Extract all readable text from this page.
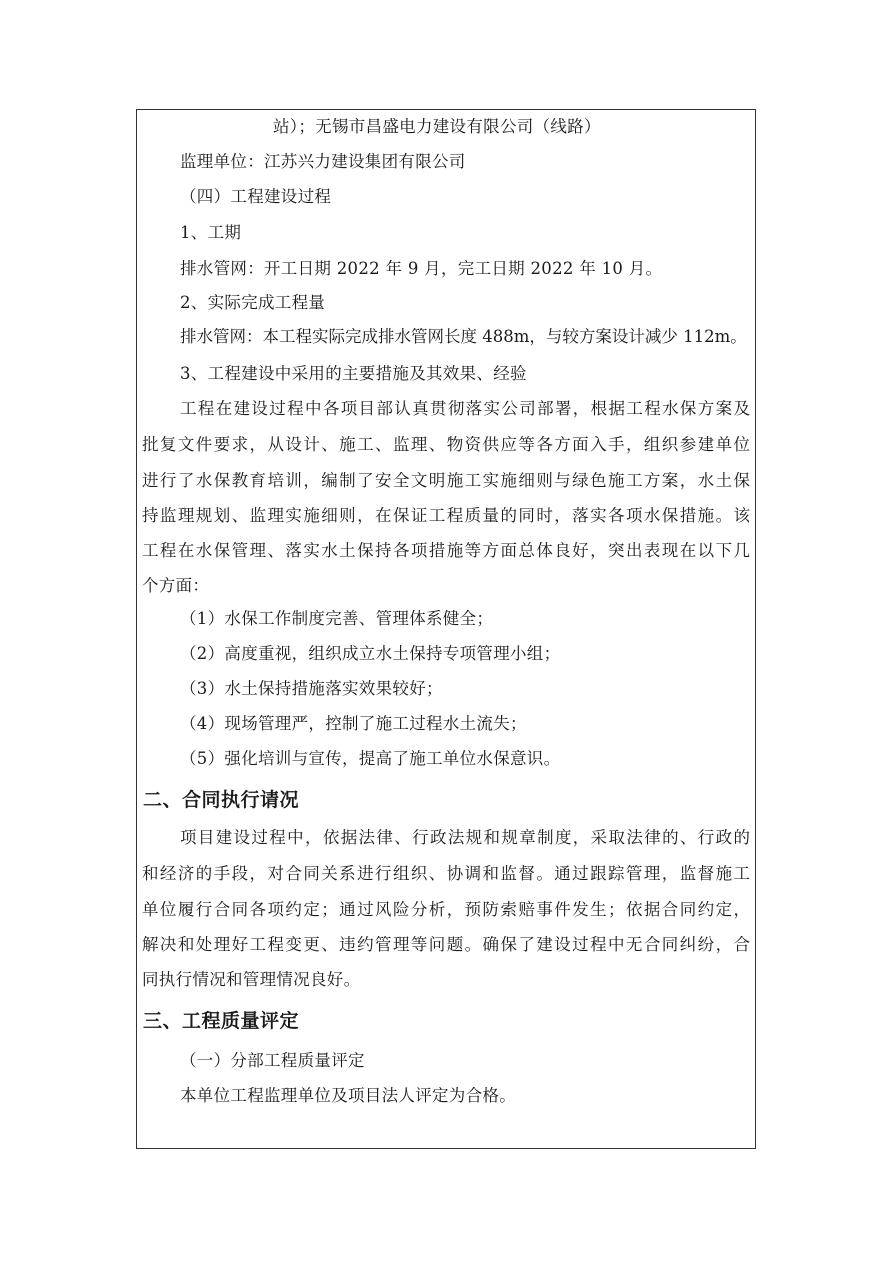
站）；无锡市昌盛电力建设有限公司（线路）
监理单位：江苏兴力建设集团有限公司
（四）工程建设过程
1、工期
排水管网：开工日期 2022 年 9 月，完工日期 2022 年 10 月。
2、实际完成工程量
排水管网：本工程实际完成排水管网长度 488m，与较方案设计减少 112m。
3、工程建设中采用的主要措施及其效果、经验
工程在建设过程中各项目部认真贯彻落实公司部署，根据工程水保方案及
批复文件要求，从设计、施工、监理、物资供应等各方面入手，组织参建单位
进行了水保教育培训，编制了安全文明施工实施细则与绿色施工方案，水土保
持监理规划、监理实施细则，在保证工程质量的同时，落实各项水保措施。该
工程在水保管理、落实水土保持各项措施等方面总体良好，突出表现在以下几
个方面：
（1）水保工作制度完善、管理体系健全；
（2）高度重视，组织成立水土保持专项管理小组；
（3）水土保持措施落实效果较好；
（4）现场管理严，控制了施工过程水土流失；
（5）强化培训与宣传，提高了施工单位水保意识。
二、合同执行请况
项目建设过程中，依据法律、行政法规和规章制度，采取法律的、行政的
和经济的手段，对合同关系进行组织、协调和监督。通过跟踪管理，监督施工
单位履行合同各项约定；通过风险分析，预防索赔事件发生；依据合同约定，
解决和处理好工程变更、违约管理等问题。确保了建设过程中无合同纠纷，合
同执行情况和管理情况良好。
三、工程质量评定
（一）分部工程质量评定
本单位工程监理单位及项目法人评定为合格。
